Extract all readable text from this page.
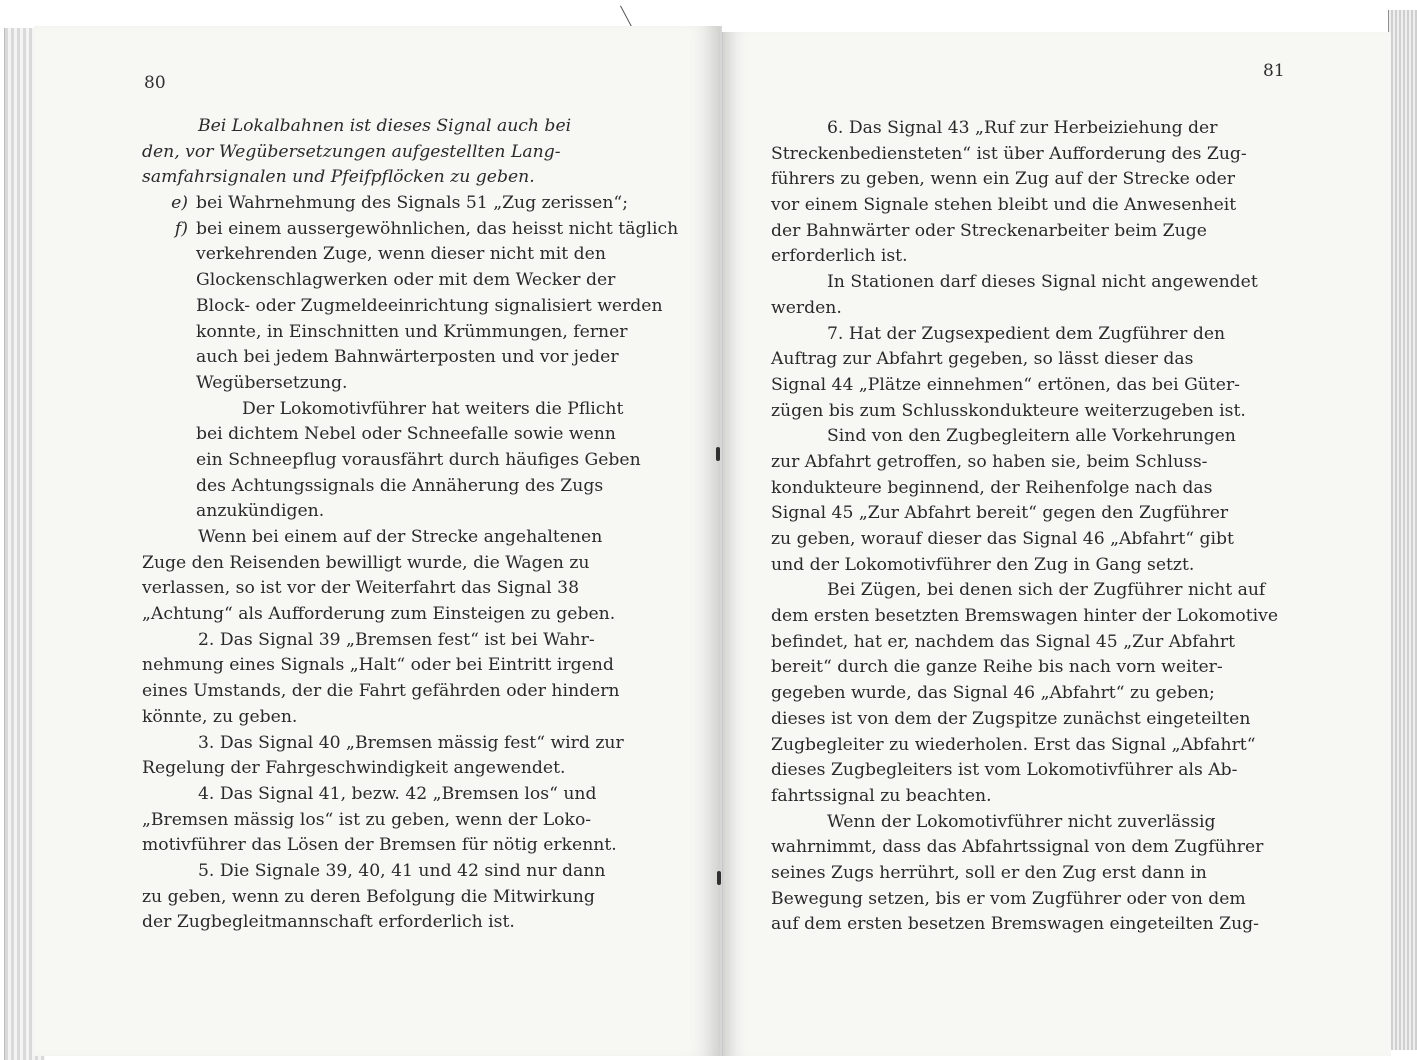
80
Bei Lokalbahnen ist dieses Signal auch bei
den, vor Wegübersetzungen aufgestellten Lang-
samfahrsignalen und Pfeifpflöcken zu geben.
e) bei Wahrnehmung des Signals 51 „Zug zerissen“;
f) bei einem aussergewöhnlichen, das heisst nicht täglich
verkehrenden Zuge, wenn dieser nicht mit den
Glockenschlagwerken oder mit dem Wecker der
Block- oder Zugmeldeeinrichtung signalisiert werden
konnte, in Einschnitten und Krümmungen, ferner
auch bei jedem Bahnwärterposten und vor jeder
Wegübersetzung.
Der Lokomotivführer hat weiters die Pflicht
bei dichtem Nebel oder Schneefalle sowie wenn
ein Schneepflug vorausfährt durch häufiges Geben
des Achtungssignals die Annäherung des Zugs
anzukündigen.
Wenn bei einem auf der Strecke angehaltenen
Zuge den Reisenden bewilligt wurde, die Wagen zu
verlassen, so ist vor der Weiterfahrt das Signal 38
„Achtung“ als Aufforderung zum Einsteigen zu geben.
2. Das Signal 39 „Bremsen fest“ ist bei Wahr-
nehmung eines Signals „Halt“ oder bei Eintritt irgend
eines Umstands, der die Fahrt gefährden oder hindern
könnte, zu geben.
3. Das Signal 40 „Bremsen mässig fest“ wird zur
Regelung der Fahrgeschwindigkeit angewendet.
4. Das Signal 41, bezw. 42 „Bremsen los“ und
„Bremsen mässig los“ ist zu geben, wenn der Loko-
motivführer das Lösen der Bremsen für nötig erkennt.
5. Die Signale 39, 40, 41 und 42 sind nur dann
zu geben, wenn zu deren Befolgung die Mitwirkung
der Zugbegleitmannschaft erforderlich ist.
81
6. Das Signal 43 „Ruf zur Herbeiziehung der
Streckenbediensteten“ ist über Aufforderung des Zug-
führers zu geben, wenn ein Zug auf der Strecke oder
vor einem Signale stehen bleibt und die Anwesenheit
der Bahnwärter oder Streckenarbeiter beim Zuge
erforderlich ist.
In Stationen darf dieses Signal nicht angewendet
werden.
7. Hat der Zugsexpedient dem Zugführer den
Auftrag zur Abfahrt gegeben, so lässt dieser das
Signal 44 „Plätze einnehmen“ ertönen, das bei Güter-
zügen bis zum Schlusskondukteure weiterzugeben ist.
Sind von den Zugbegleitern alle Vorkehrungen
zur Abfahrt getroffen, so haben sie, beim Schluss-
kondukteure beginnend, der Reihenfolge nach das
Signal 45 „Zur Abfahrt bereit“ gegen den Zugführer
zu geben, worauf dieser das Signal 46 „Abfahrt“ gibt
und der Lokomotivführer den Zug in Gang setzt.
Bei Zügen, bei denen sich der Zugführer nicht auf
dem ersten besetzten Bremswagen hinter der Lokomotive
befindet, hat er, nachdem das Signal 45 „Zur Abfahrt
bereit“ durch die ganze Reihe bis nach vorn weiter-
gegeben wurde, das Signal 46 „Abfahrt“ zu geben;
dieses ist von dem der Zugspitze zunächst eingeteilten
Zugbegleiter zu wiederholen. Erst das Signal „Abfahrt“
dieses Zugbegleiters ist vom Lokomotivführer als Ab-
fahrtssignal zu beachten.
Wenn der Lokomotivführer nicht zuverlässig
wahrnimmt, dass das Abfahrtssignal von dem Zugführer
seines Zugs herrührt, soll er den Zug erst dann in
Bewegung setzen, bis er vom Zugführer oder von dem
auf dem ersten besetzen Bremswagen eingeteilten Zug-
